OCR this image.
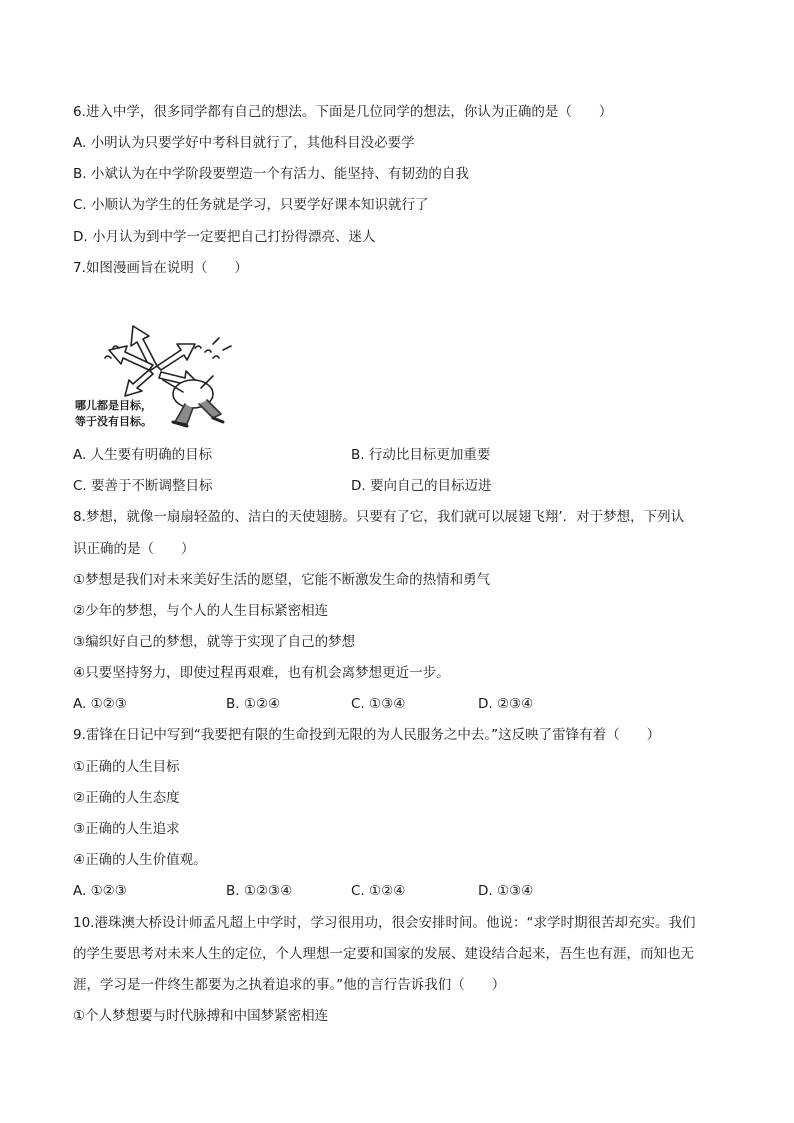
6.进入中学，很多同学都有自己的想法。下面是几位同学的想法，你认为正确的是（　　）
A. 小明认为只要学好中考科目就行了，其他科目没必要学
B. 小斌认为在中学阶段要塑造一个有活力、能坚持、有韧劲的自我
C. 小顺认为学生的任务就是学习，只要学好课本知识就行了
D. 小月认为到中学一定要把自己打扮得漂亮、迷人
7.如图漫画旨在说明（　　）
哪儿都是目标，
等于没有目标。
A. 人生要有明确的目标	B. 行动比目标更加重要
C. 要善于不断调整目标	D. 要向自己的目标迈进
8.梦想，就像一扇扇轻盈的、洁白的天使翅膀。只要有了它，我们就可以展翅飞翔’．对于梦想，下列认
识正确的是（　　）
①梦想是我们对未来美好生活的愿望，它能不断激发生命的热情和勇气
②少年的梦想，与个人的人生目标紧密相连
③编织好自己的梦想，就等于实现了自己的梦想
④只要坚持努力，即使过程再艰难，也有机会离梦想更近一步。
A. ①②③	B. ①②④	C. ①③④	D. ②③④
9.雷锋在日记中写到“我要把有限的生命投到无限的为人民服务之中去。”这反映了雷锋有着（　　）
①正确的人生目标
②正确的人生态度
③正确的人生追求
④正确的人生价值观。
A. ①②③	B. ①②③④	C. ①②④	D. ①③④
10.港珠澳大桥设计师孟凡超上中学时，学习很用功，很会安排时间。他说：“求学时期很苦却充实。我们
的学生要思考对未来人生的定位，个人理想一定要和国家的发展、建设结合起来，吾生也有涯，而知也无
涯，学习是一件终生都要为之执着追求的事。”他的言行告诉我们（　　）
①个人梦想要与时代脉搏和中国梦紧密相连
